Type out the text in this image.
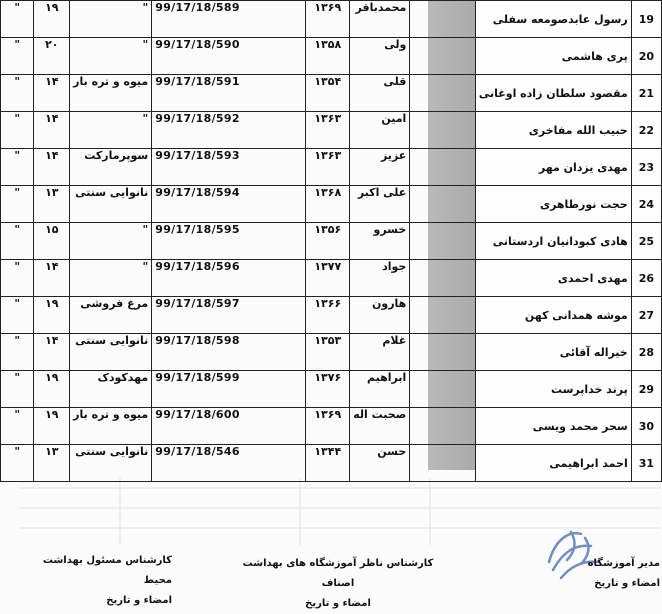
"	۱۹	"	99/17/18/589	۱۳۶۹	محمدباقر		رسول عابدصومعه سفلی	19
"	۲۰	"	99/17/18/590	۱۳۵۸	ولی		پری هاشمی	20
"	۱۴	میوه و تره بار	99/17/18/591	۱۳۵۴	قلی		مقصود سلطان زاده اوغانی	21
"	۱۴	"	99/17/18/592	۱۳۶۳	امین		حبیب الله مفاخری	22
"	۱۴	سوپرمارکت	99/17/18/593	۱۳۶۳	عزیز		مهدی یزدان مهر	23
"	۱۳	نانوایی سنتی	99/17/18/594	۱۳۶۸	علی اکبر		حجت نورطاهری	24
"	۱۵	"	99/17/18/595	۱۳۵۶	خسرو		هادی کبودانیان اردستانی	25
"	۱۴	"	99/17/18/596	۱۳۷۷	جواد		مهدی احمدی	26
"	۱۹	مرغ فروشی	99/17/18/597	۱۳۶۶	هارون		موشه همدانی کهن	27
"	۱۴	نانوایی سنتی	99/17/18/598	۱۳۵۳	غلام		خیراله آقائی	28
"	۱۹	مهدکودک	99/17/18/599	۱۳۷۶	ابراهیم		پرند خداپرست	29
"	۱۹	میوه و تره بار	99/17/18/600	۱۳۶۹	صحبت اله		سحر محمد ویسی	30
"	۱۳	نانوایی سنتی	99/17/18/546	۱۳۴۴	حسن		احمد ابراهیمی	31
کارشناس مسئول بهداشت محیط
امضاء و تاریخ
کارشناس ناظر آموزشگاه های بهداشت اصناف
امضاء و تاریخ
مدیر آموزشگاه
امضاء و تاریخ
